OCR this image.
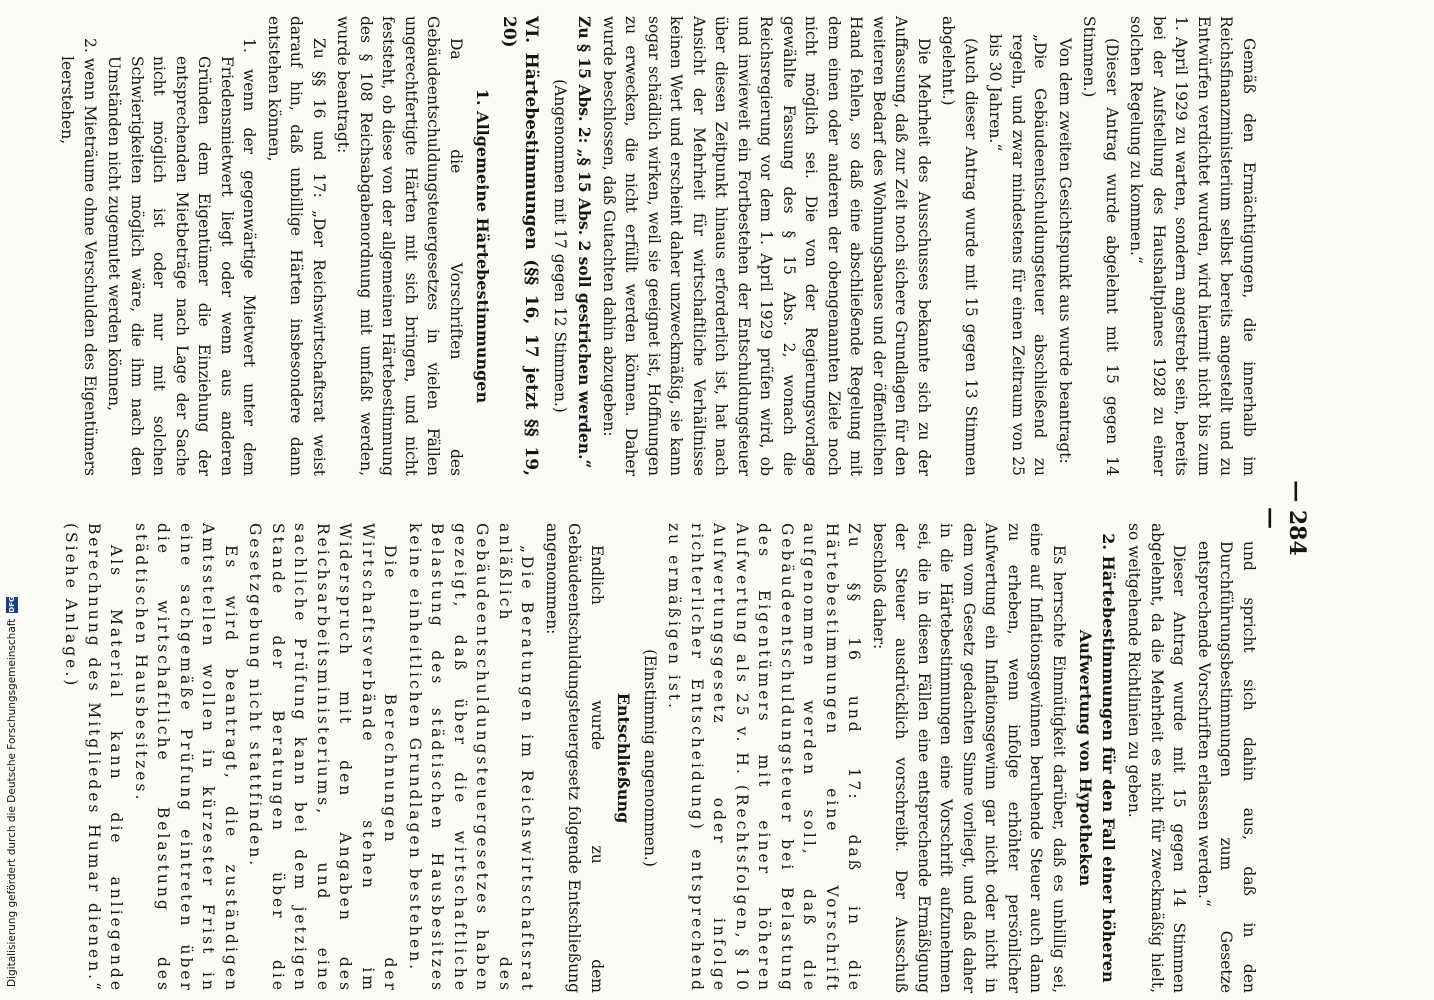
— 284 —

Gemäß den Ermächtigungen, die innerhalb im Reichsfinanzministerium selbst bereits angestellt und zu Entwürfen verdichtet wurden, wird hiermit nicht bis zum 1. April 1929 zu warten, sondern angestrebt sein, bereits bei der Aufstellung des Haushaltplanes 1928 zu einer solchen Regelung zu kommen.“

(Dieser Antrag wurde abgelehnt mit 15 gegen 14 Stimmen.)

Von dem zweiten Gesichtspunkt aus wurde beantragt:

„Die Gebäudeentschuldungsteuer abschließend zu regeln, und zwar mindestens für einen Zeitraum von 25 bis 30 Jahren.“

(Auch dieser Antrag wurde mit 15 gegen 13 Stimmen abgelehnt.)

Die Mehrheit des Ausschusses bekannte sich zu der Auffassung, daß zur Zeit noch sichere Grundlagen für den weiteren Bedarf des Wohnungsbaues und der öffentlichen Hand fehlen, so daß eine abschließende Regelung mit dem einen oder anderen der obengenannten Ziele noch nicht möglich sei. Die von der Regierungsvorlage gewählte Fassung des § 15 Abs. 2, wonach die Reichsregierung vor dem 1. April 1929 prüfen wird, ob und inwieweit ein Fortbestehen der Entschuldungsteuer über diesen Zeitpunkt hinaus erforderlich ist, hat nach Ansicht der Mehrheit für wirtschaftliche Verhältnisse keinen Wert und erscheint daher unzweckmäßig, sie kann sogar schädlich wirken, weil sie geeignet ist, Hoffnungen zu erwecken, die nicht erfüllt werden können. Daher wurde beschlossen, daß Gutachten dahin abzugeben:

Zu § 15 Abs. 2: „§ 15 Abs. 2 soll gestrichen werden.“

(Angenommen mit 17 gegen 12 Stimmen.)

VI. Härtebestimmungen (§§ 16, 17 jetzt §§ 19, 20)
1. Allgemeine Härtebestimmungen

Da die Vorschriften des Gebäudeentschuldungsteuergesetzes in vielen Fällen ungerechtfertigte Härten mit sich bringen, und nicht feststeht, ob diese von der allgemeinen Härtebestimmung des § 108 Reichsabgabenordnung mit umfaßt werden, wurde beantragt:

Zu §§ 16 und 17: „Der Reichswirtschaftsrat weist darauf hin, daß unbillige Härten insbesondere dann entstehen können,

1. wenn der gegenwärtige Mietwert unter dem Friedensmietwert liegt oder wenn aus anderen Gründen dem Eigentümer die Einziehung der entsprechenden Mietbeträge nach Lage der Sache nicht möglich ist oder nur mit solchen Schwierigkeiten möglich wäre, die ihm nach den Umständen nicht zugemutet werden können,

2. wenn Mieträume ohne Verschulden des Eigentümers leerstehen,

und spricht sich dahin aus, daß in den Durchführungsbestimmungen zum Gesetze entsprechende Vorschriften erlassen werden.“

Dieser Antrag wurde mit 15 gegen 14 Stimmen abgelehnt, da die Mehrheit es nicht für zweckmäßig hielt, so weitgehende Richtlinien zu geben.

2. Härtebestimmungen für den Fall einer höheren Aufwertung von Hypotheken

Es herrschte Einmütigkeit darüber, daß es unbillig sei, eine auf Inflationsgewinnen beruhende Steuer auch dann zu erheben, wenn infolge erhöhter persönlicher Aufwertung ein Inflationsgewinn gar nicht oder nicht in dem vom Gesetz gedachten Sinne vorliegt, und daß daher in die Härtebestimmungen eine Vorschrift aufzunehmen sei, die in diesen Fällen eine entsprechende Ermäßigung der Steuer ausdrücklich vorschreibt. Der Ausschuß beschloß daher:

Zu §§ 16 und 17: daß in die Härtebestimmungen eine Vorschrift aufgenommen werden soll, daß die Gebäudeentschuldungsteuer bei Belastung des Eigentümers mit einer höheren Aufwertung als 25 v. H. (Rechtsfolgen, § 10 Aufwertungsgesetz oder infolge richterlicher Entscheidung) entsprechend zu ermäßigen ist.

(Einstimmig angenommen.)

Entschließung

Endlich wurde zu dem Gebäudeentschuldungsteuergesetz folgende Entschließung angenommen:

„Die Beratungen im Reichswirtschaftsrat anläßlich des Gebäudeentschuldungsteuergesetzes haben gezeigt, daß über die wirtschaftliche Belastung des städtischen Hausbesitzes keine einheitlichen Grundlagen bestehen.

Die Berechnungen der Wirtschaftsverbände stehen im Widerspruch mit den Angaben des Reichsarbeitsministeriums, und eine sachliche Prüfung kann bei dem jetzigen Stande der Beratungen über die Gesetzgebung nicht stattfinden.

Es wird beantragt, die zuständigen Amtsstellen wollen in kürzester Frist in eine sachgemäße Prüfung eintreten über die wirtschaftliche Belastung des städtischen Hausbesitzes.

Als Material kann die anliegende Berechnung des Mitgliedes Humar dienen.“ (Siehe Anlage.)

Digitalisierung gefördert durch die Deutsche Forschungsgemeinschaft
DFG
